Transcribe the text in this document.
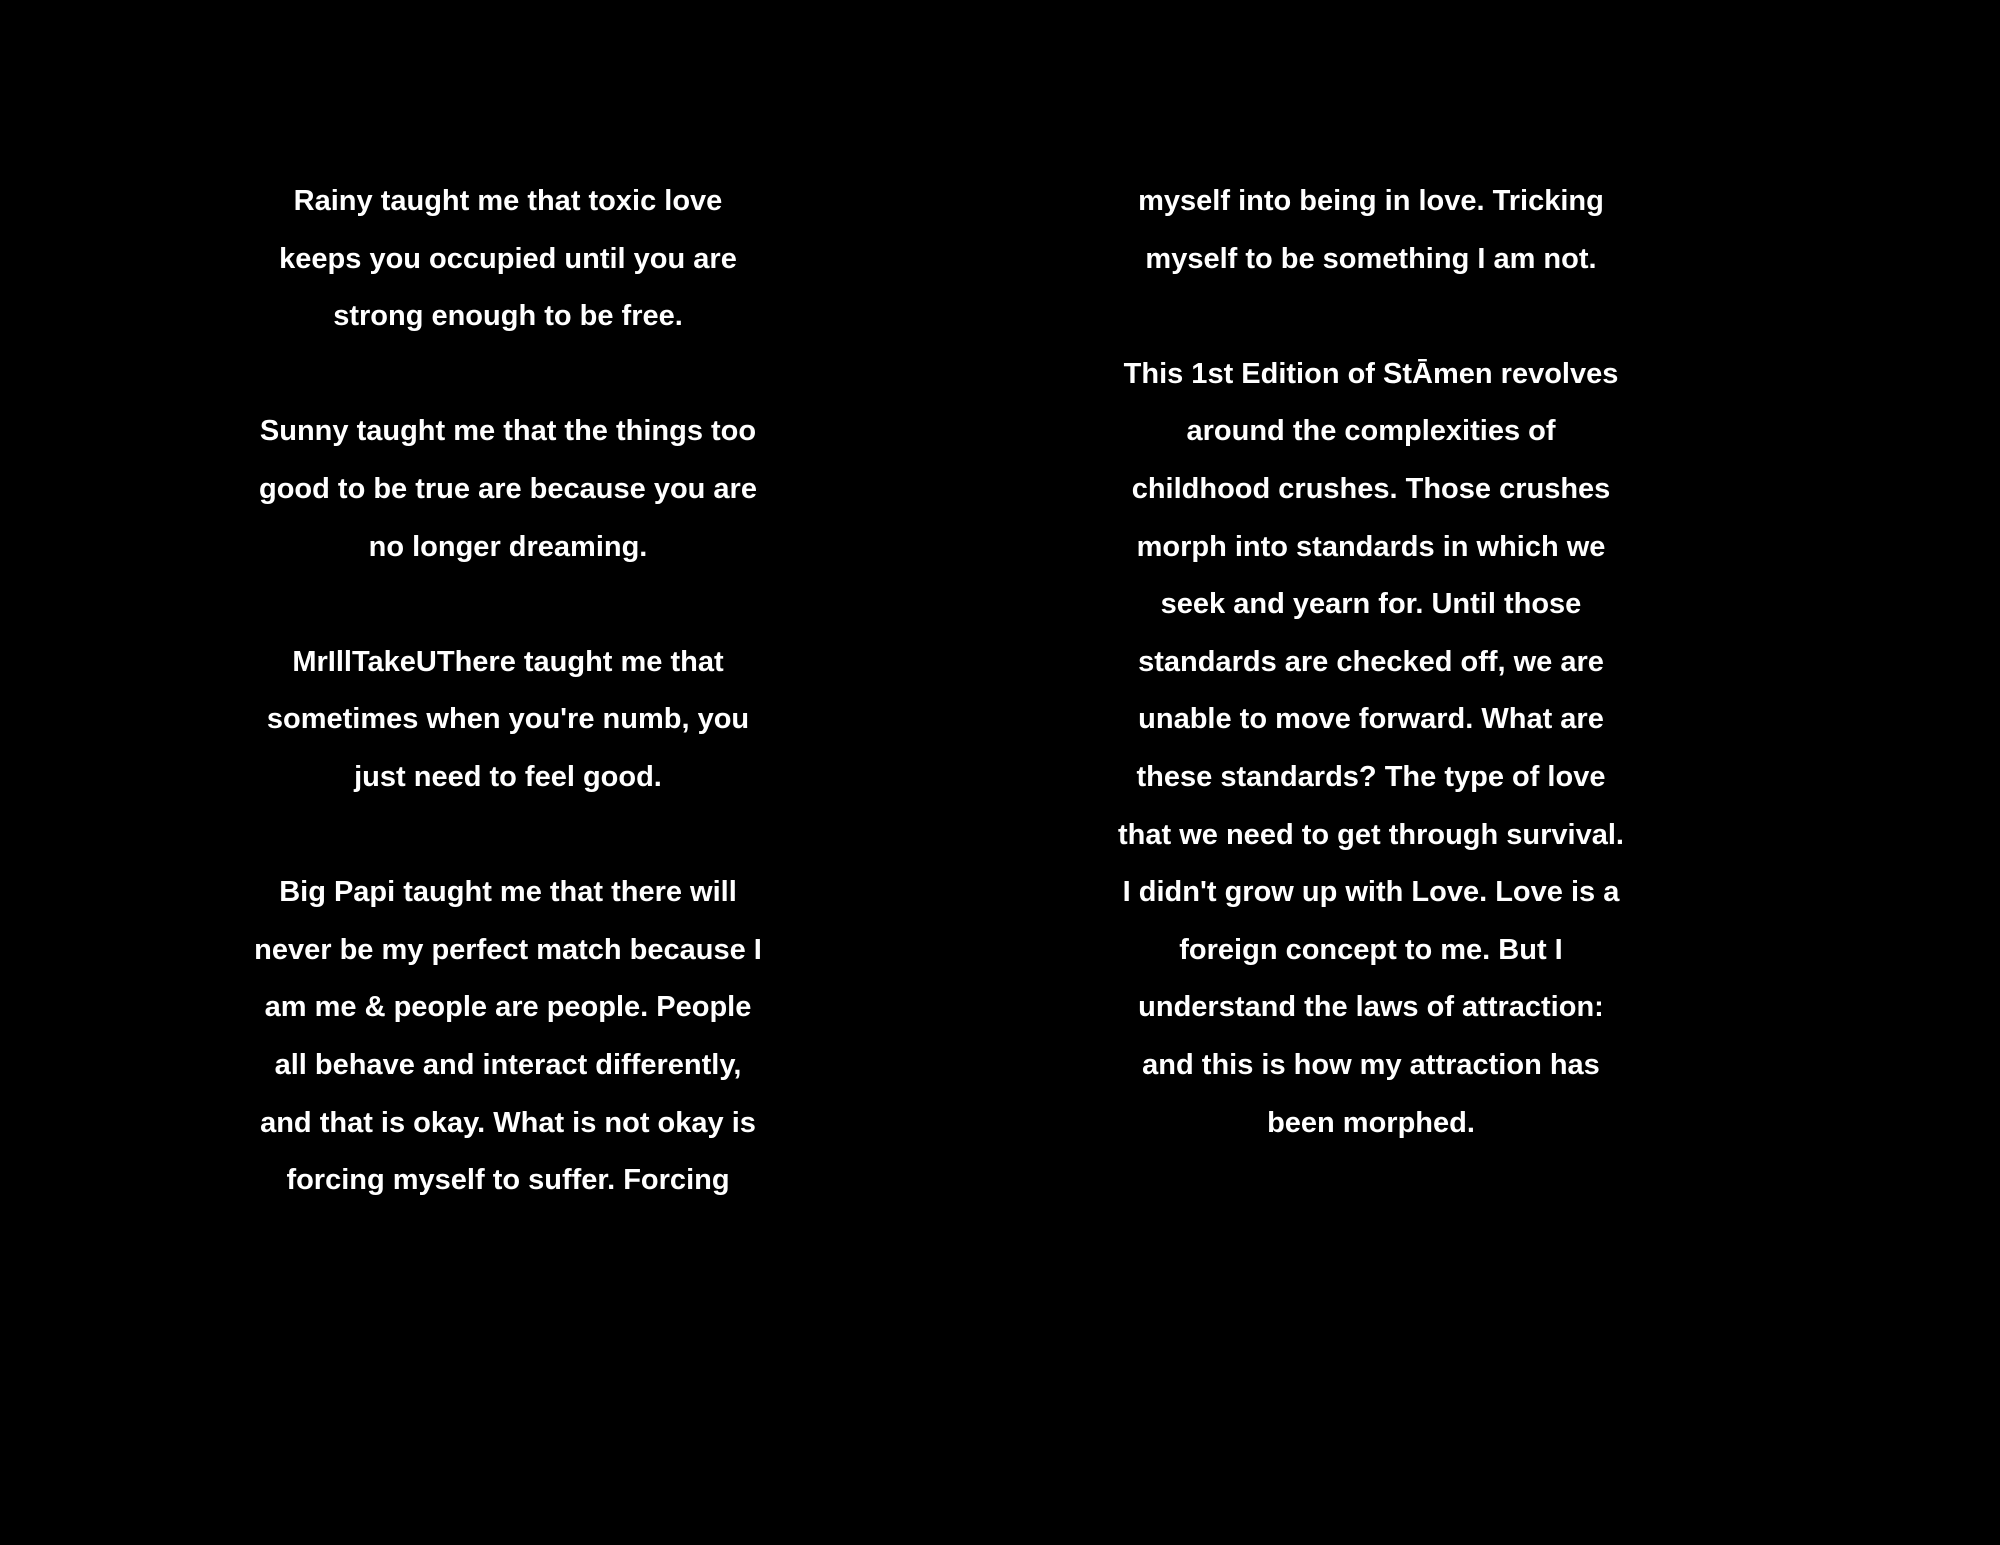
Rainy taught me that toxic love
keeps you occupied until you are
strong enough to be free.
Sunny taught me that the things too
good to be true are because you are
no longer dreaming.
MrIllTakeUThere taught me that
sometimes when you're numb, you
just need to feel good.
Big Papi taught me that there will
never be my perfect match because I
am me & people are people. People
all behave and interact differently,
and that is okay. What is not okay is
forcing myself to suffer. Forcing
myself into being in love. Tricking
myself to be something I am not.
This 1st Edition of StĀmen revolves
around the complexities of
childhood crushes. Those crushes
morph into standards in which we
seek and yearn for. Until those
standards are checked off, we are
unable to move forward. What are
these standards? The type of love
that we need to get through survival.
I didn't grow up with Love. Love is a
foreign concept to me. But I
understand the laws of attraction:
and this is how my attraction has
been morphed.
